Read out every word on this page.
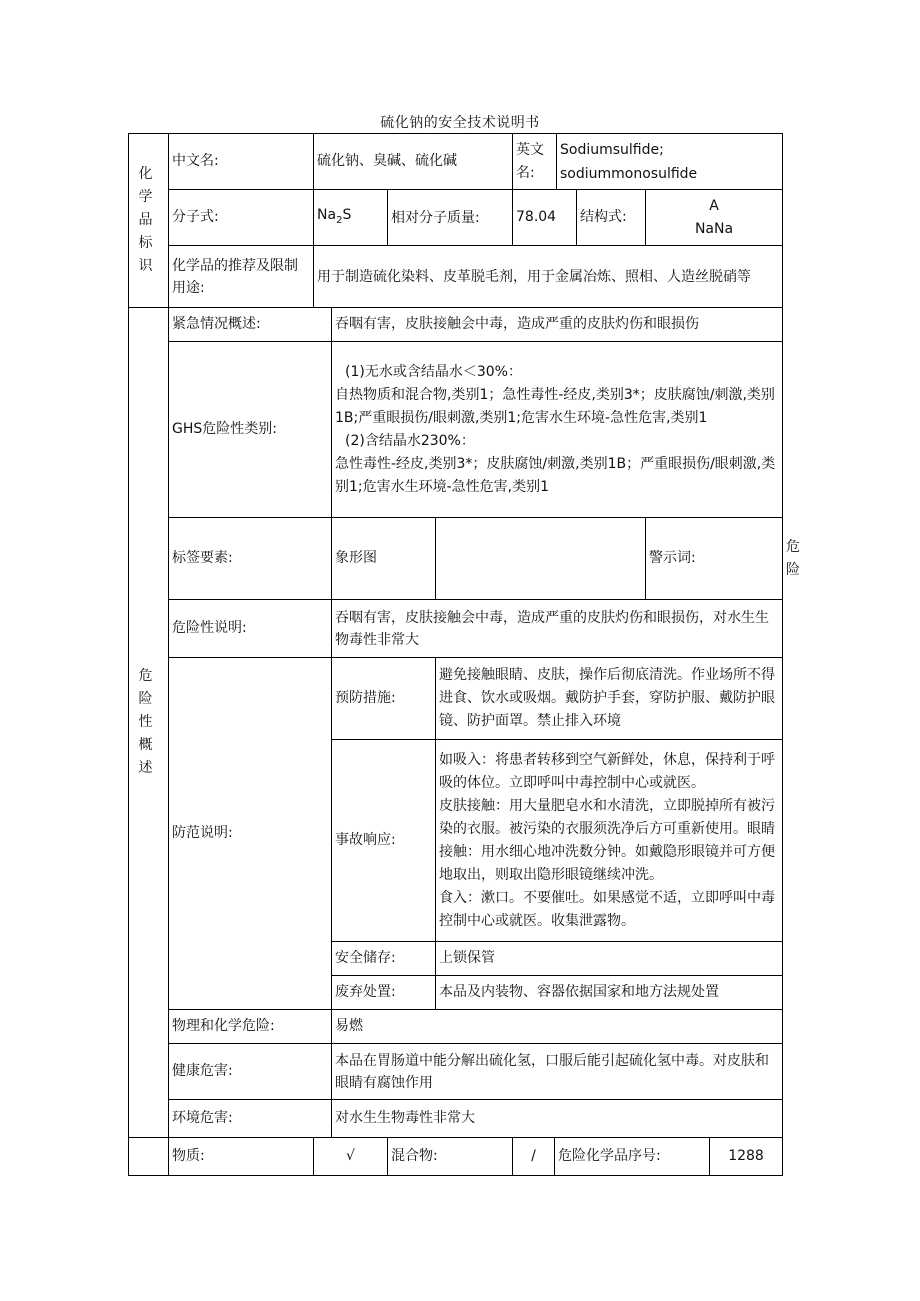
硫化钠的安全技术说明书
化学品标识	中文名:	硫化钠、臭碱、硫化碱				英文名:		Sodiumsulfide;
sodiummonosulfide				

	分子式:	$Na_2S$		相对分子质量:		78.04			结构式:	A
NaNa		

	化学品的推荐及限制用途:	用于制造硫化染料、皮革脱毛剂，用于金属冶炼、照相、人造丝脱硝等										
危险性概述	紧急情况概述:		吞咽有害，皮肤接触会中毒，造成严重的皮肤灼伤和眼损伤									
	GHS危险性类别:		(1)无水或含结晶水＜30%：
自热物质和混合物,类别1；急性毒性-经皮,类别3*；皮肤腐蚀/刺激,类别1B;严重眼损伤/眼刺激,类别1;危害水生环境-急性危害,类别1
(2)含结晶水230%：
急性毒性-经皮,类别3*；皮肤腐蚀/刺激,类别1B；严重眼损伤/眼刺激,类别1;危害水生环境-急性危害,类别1									

	标签要素:		象形图							警示词:		危险
	危险性说明:		吞咽有害，皮肤接触会中毒，造成严重的皮肤灼伤和眼损伤，对水生生物毒性非常大									
	防范说明:		预防措施:		避免接触眼睛、皮肤，操作后彻底清洗。作业场所不得进食、饮水或吸烟。戴防护手套，穿防护服、戴防护眼镜、防护面罩。禁止排入环境							
			事故响应:		如吸入：将患者转移到空气新鲜处，休息，保持利于呼吸的体位。立即呼叫中毒控制中心或就医。
皮肤接触：用大量肥皂水和水清洗，立即脱掉所有被污染的衣服。被污染的衣服须洗净后方可重新使用。眼睛接触：用水细心地冲洗数分钟。如戴隐形眼镜并可方便地取出，则取出隐形眼镜继续冲洗。
食入：漱口。不要催吐。如果感觉不适，立即呼叫中毒控制中心或就医。收集泄露物。							
			安全储存:		上锁保管							
			废弃处置:		本品及内装物、容器依据国家和地方法规处置							
	物理和化学危险:		易燃									
	健康危害:		本品在胃肠道中能分解出硫化氢，口服后能引起硫化氢中毒。对皮肤和眼睛有腐蚀作用									
	环境危害:		对水生生物毒性非常大									
	物质:	√		混合物:		/	危险化学品序号:				1288	
